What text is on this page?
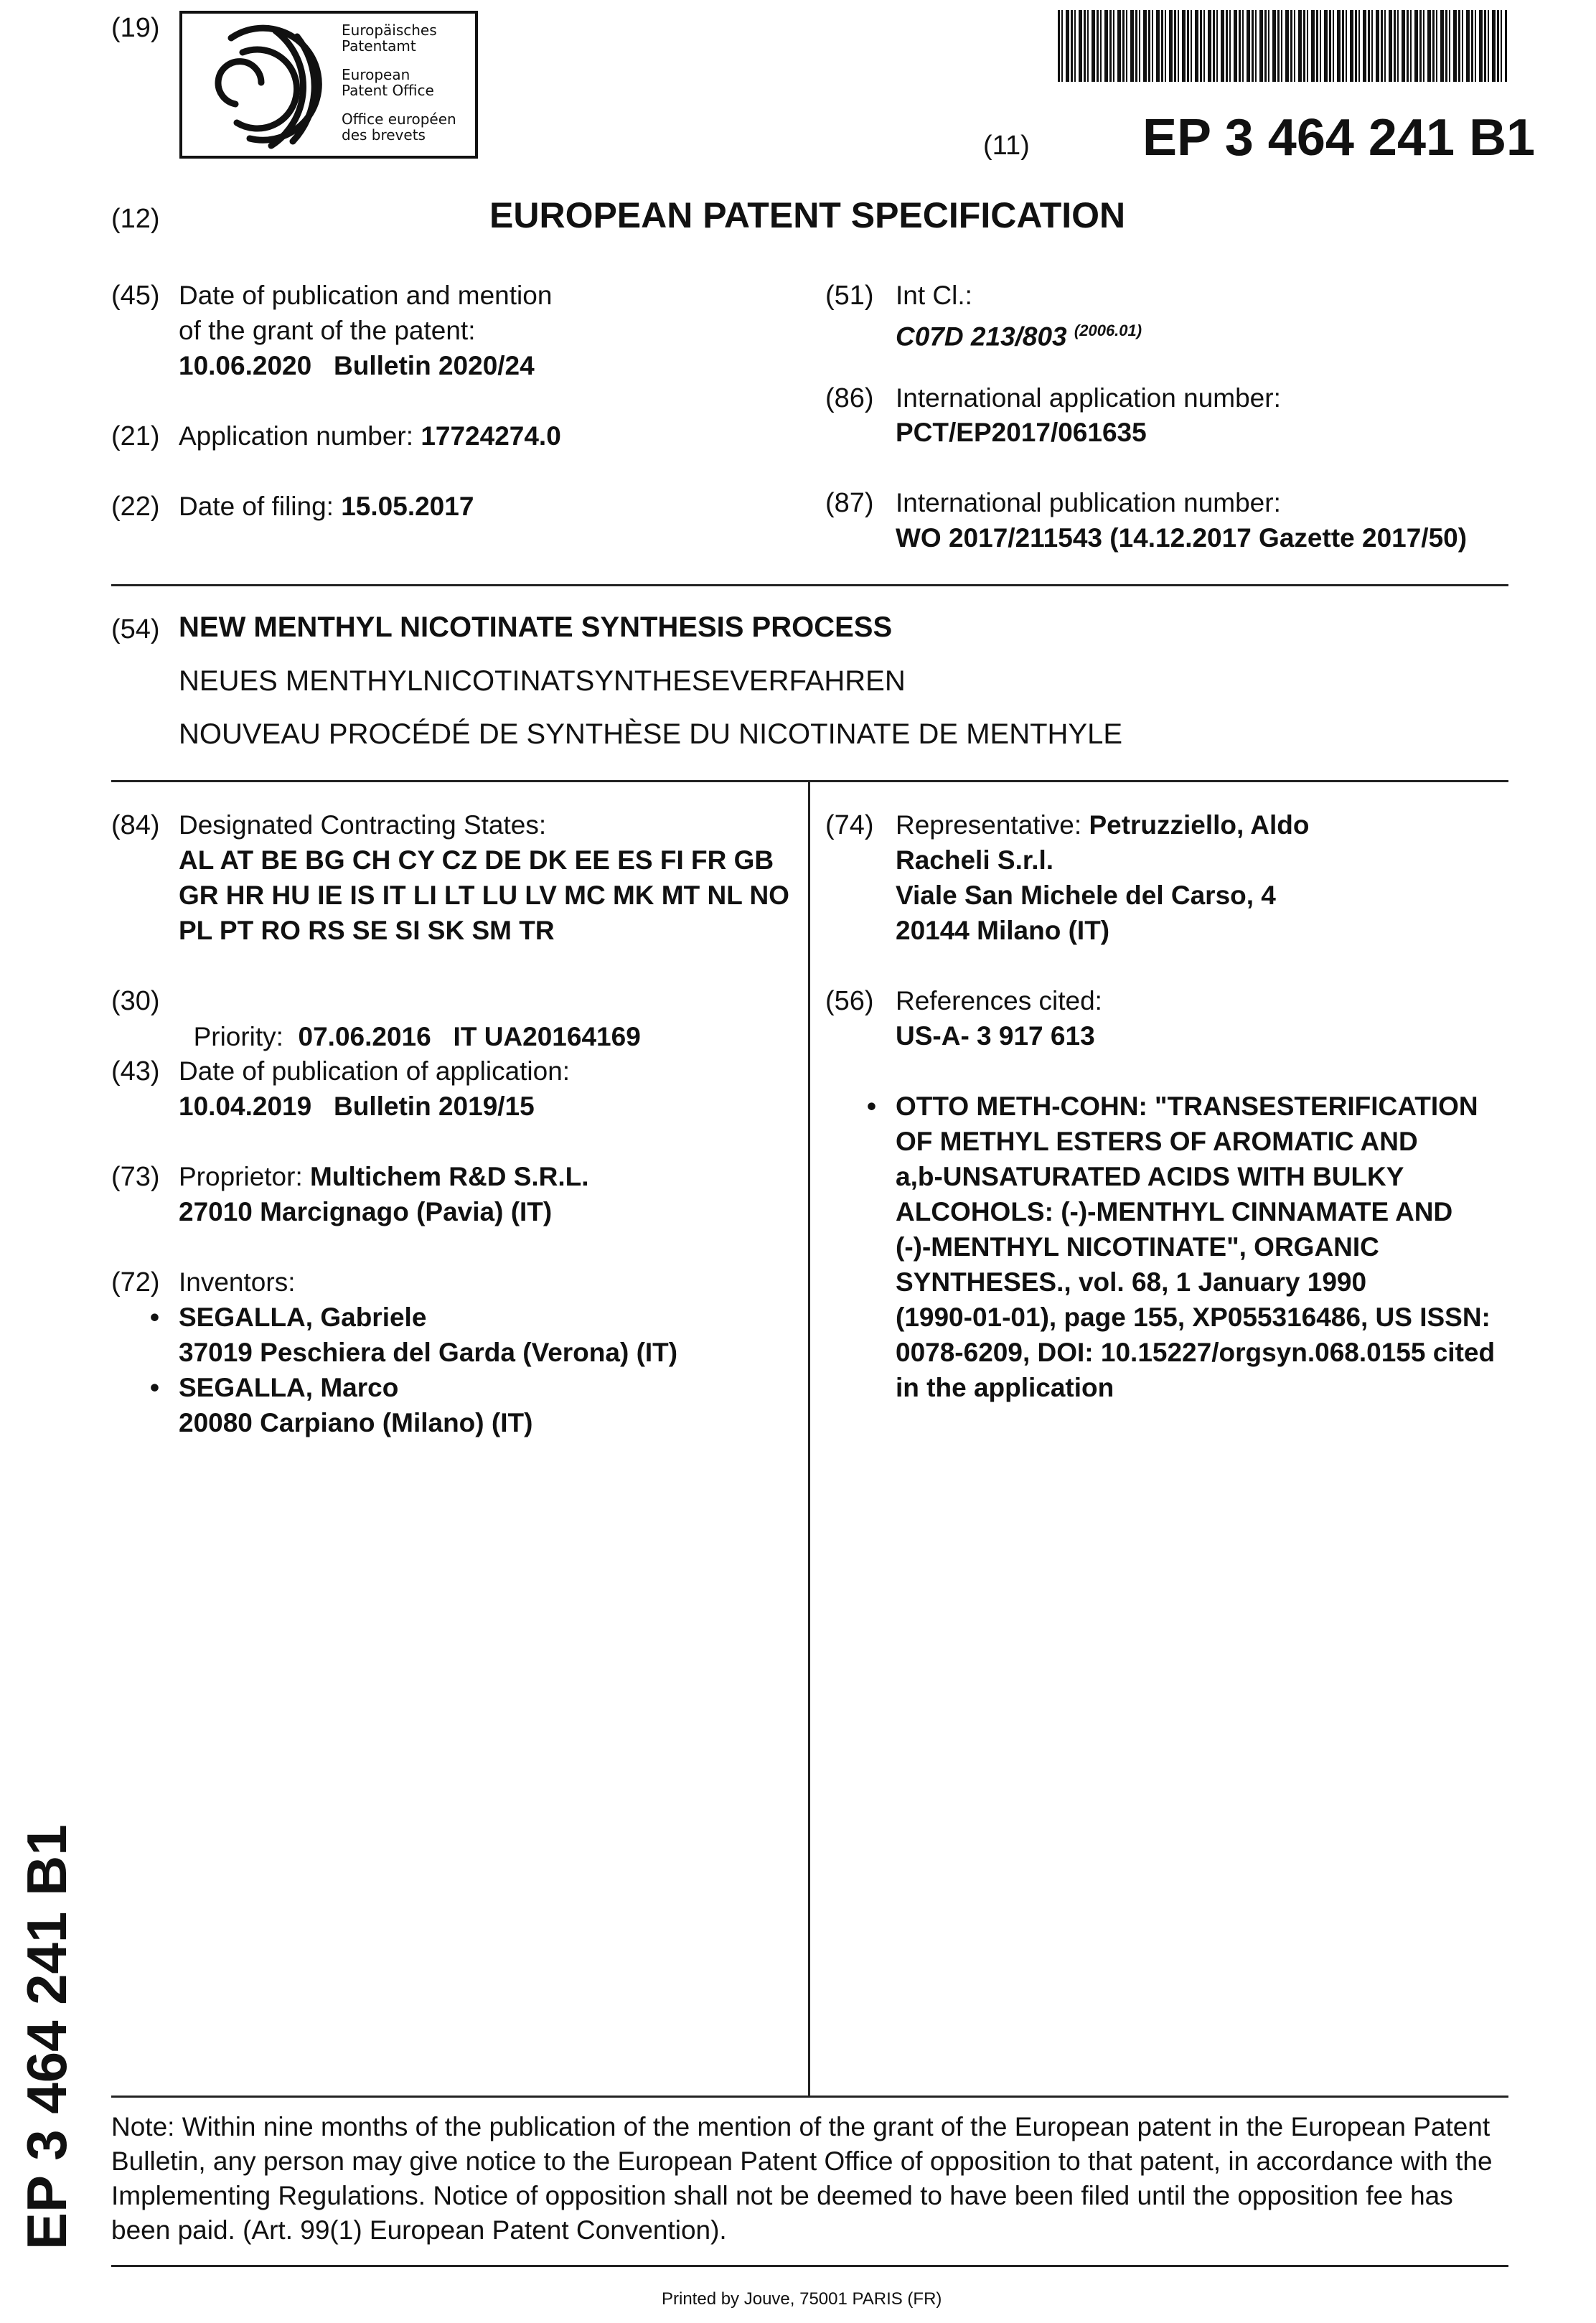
(19)	Europäisches
Patentamt
European
Patent Office
Office européen
des brevets	(11) EP 3 464 241 B1
(12)	EUROPEAN PATENT SPECIFICATION
(45) Date of publication and mention
of the grant of the patent:
10.06.2020   Bulletin 2020/24
(21) Application number: 17724274.0
(22) Date of filing: 15.05.2017
(51) Int Cl.:
C07D 213/803 $^{(2006.01)}$
(86) International application number:
PCT/EP2017/061635
(87) International publication number:
WO 2017/211543 (14.12.2017 Gazette 2017/50)
(54) NEW MENTHYL NICOTINATE SYNTHESIS PROCESS
NEUES MENTHYLNICOTINATSYNTHESEVERFAHREN
NOUVEAU PROCÉDÉ DE SYNTHÈSE DU NICOTINATE DE MENTHYLE
(84) Designated Contracting States:
AL AT BE BG CH CY CZ DE DK EE ES FI FR GB
GR HR HU IE IS IT LI LT LU LV MC MK MT NL NO
PL PT RO RS SE SI SK SM TR
(30)

Priority: 07.06.2016   IT UA20164169

(43) Date of publication of application:
10.04.2019   Bulletin 2019/15
(73) Proprietor: Multichem R&D S.R.L.
27010 Marcignago (Pavia) (IT)
(72) Inventors:
• SEGALLA, Gabriele
37019 Peschiera del Garda (Verona) (IT)
• SEGALLA, Marco
20080 Carpiano (Milano) (IT)
(74) Representative: Petruzziello, Aldo
Racheli S.r.l.
Viale San Michele del Carso, 4
20144 Milano (IT)
(56) References cited:
US-A- 3 917 613
• OTTO METH-COHN: "TRANSESTERIFICATION
OF METHYL ESTERS OF AROMATIC AND
a,b-UNSATURATED ACIDS WITH BULKY
ALCOHOLS: (-)-MENTHYL CINNAMATE AND
(-)-MENTHYL NICOTINATE", ORGANIC
SYNTHESES., vol. 68, 1 January 1990
(1990-01-01), page 155, XP055316486, US ISSN:
0078-6209, DOI: 10.15227/orgsyn.068.0155 cited
in the application
Note: Within nine months of the publication of the mention of the grant of the European patent in the European Patent Bulletin, any person may give notice to the European Patent Office of opposition to that patent, in accordance with the Implementing Regulations. Notice of opposition shall not be deemed to have been filed until the opposition fee has been paid. (Art. 99(1) European Patent Convention).
Printed by Jouve, 75001 PARIS (FR)
EP 3 464 241 B1
